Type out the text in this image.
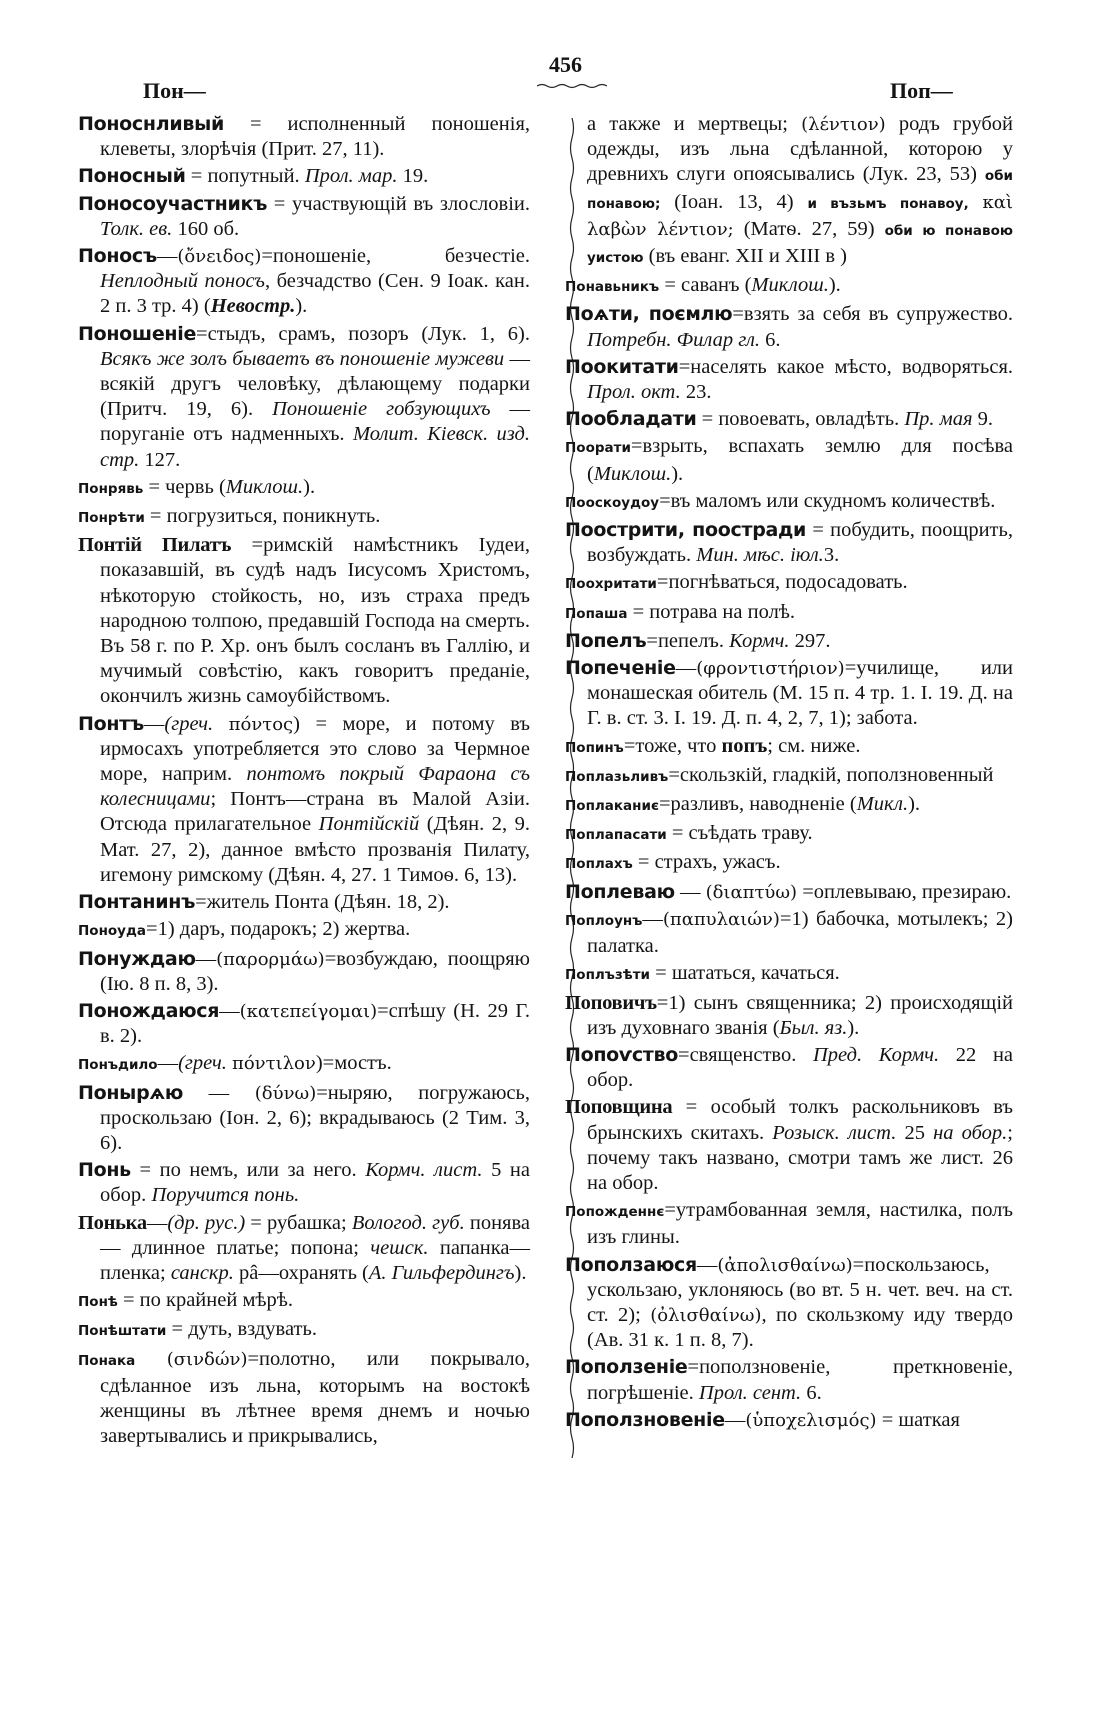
Пон—
456
Поп—

Поноснливый = исполненный поношенія, клеветы, злорѣчія (Прит. 27, 11).

Поносный = попутный. Прол. мар. 19.

Поносоучастникъ = участвующій въ злословіи. Толк. ев. 160 об.

Поносъ—(ὄνειδος)=поношеніе, безчестіе. Неплодный поносъ, безчадство (Сен. 9 Іоак. кан. 2 п. 3 тр. 4) (Невостр.).

Поношеніе=стыдъ, срамъ, позоръ (Лук. 1, 6). Всякъ же золъ бываетъ въ поношеніе мужеви — всякій другъ человѣку, дѣлающему подарки (Притч. 19, 6). Поношеніе гобзующихъ — поруганіе отъ надменныхъ. Молит. Кіевск. изд. стр. 127.

Понрявь = червь (Миклош.).

Понрѣти = погрузиться, поникнуть.

Понтій Пилатъ =римскій намѣстникъ Іудеи, показавшій, въ судѣ надъ Іисусомъ Христомъ, нѣкоторую стойкость, но, изъ страха предъ народною толпою, предавшій Господа на смерть. Въ 58 г. по Р. Хр. онъ былъ сосланъ въ Галлію, и мучимый совѣстію, какъ говоритъ преданіе, окончилъ жизнь самоубійствомъ.

Понтъ—(греч. πόντος) = море, и потому въ ирмосахъ употребляется это слово за Чермное море, наприм. понтомъ покрый Фараона съ колесницами; Понтъ—страна въ Малой Азіи. Отсюда прилагательное Понтійскій (Дѣян. 2, 9. Мат. 27, 2), данное вмѣсто прозванія Пилату, игемону римскому (Дѣян. 4, 27. 1 Тимоѳ. 6, 13).

Понтанинъ=житель Понта (Дѣян. 18, 2).

Поноуда=1) даръ, подарокъ; 2) жертва.

Понуждаю—(παρορμάω)=возбуждаю, поощряю (Ію. 8 п. 8, 3).

Понождаюся—(κατεπείγομαι)=спѣшу (Н. 29 Г. в. 2).

Понъдило—(греч. πόντιλον)=мостъ.

Понырѧю — (δύνω)=ныряю, погружаюсь, проскользаю (Іон. 2, 6); вкрадываюсь (2 Тим. 3, 6).

Понь = по немъ, или за него. Кормч. лист. 5 на обор. Поручится понь.

Понька—(др. рус.) = рубашка; Вологод. губ. понява — длинное платье; попона; чешск. папанка—пленка; санскр. pâ—охранять (А. Гильфердингъ).

Понѣ = по крайней мѣрѣ.

Понѣштати = дуть, вздувать.

Понака (σινδών)=полотно, или покрывало, сдѣланное изъ льна, которымъ на востокѣ женщины въ лѣтнее время днемъ и ночью завертывались и прикрывались,

а также и мертвецы; (λέντιον) родъ грубой одежды, изъ льна сдѣланной, которою у древнихъ слуги опоясывались (Лук. 23, 53) оби понавою; (Іоан. 13, 4) и възьмъ понавоу, καὶ λαβὼν λέντιον; (Матѳ. 27, 59) оби ю понавою уистою (въ еванг. XII и XIII в )

Понавьникъ = саванъ (Миклош.).

Поѧти, поємлю=взять за себя въ супружество. Потребн. Филар гл. 6.

Поокитати=населять какое мѣсто, водворяться. Прол. окт. 23.

Пообладати = повоевать, овладѣть. Пр. мая 9.

Поорати=взрыть, вспахать землю для посѣва (Миклош.).

Пооскоудоу=въ маломъ или скудномъ количествѣ.

Поострити, поостради = побудить, поощрить, возбуждать. Мин. мѣс. іюл.3.

Поохритати=погнѣваться, подосадовать.

Попаша = потрава на полѣ.

Попелъ=пепелъ. Кормч. 297.

Попеченіе—(φροντιστήριον)=училище, или монашеская обитель (М. 15 п. 4 тр. 1. І. 19. Д. на Г. в. ст. 3. І. 19. Д. п. 4, 2, 7, 1); забота.

Попинъ=тоже, что попъ; см. ниже.

Поплазьливъ=скользкій, гладкій, поползновенный

Поплаканиє=разливъ, наводненіе (Микл.).

Поплапасати = съѣдать траву.

Поплахъ = страхъ, ужасъ.

Поплеваю — (διαπτύω) =оплевываю, презираю.

Поплоунъ—(παπυλαιών)=1) бабочка, мотылекъ; 2) палатка.

Поплъзѣти = шататься, качаться.

Поповичъ=1) сынъ священника; 2) происходящій изъ духовнаго званія (Был. яз.).

Попоѵство=священство. Пред. Кормч. 22 на обор.

Поповщина = особый толкъ раскольниковъ въ брынскихъ скитахъ. Розыск. лист. 25 на обор.; почему такъ названо, смотри тамъ же лист. 26 на обор.

Попожденнє=утрамбованная земля, настилка, полъ изъ глины.

Поползаюся—(ἀπολισθαίνω)=поскользаюсь, ускользаю, уклоняюсь (во вт. 5 н. чет. веч. на ст. ст. 2); (ὀλισθαίνω), по скользкому иду твердо (Ав. 31 к. 1 п. 8, 7).

Поползеніе=поползновеніе, преткновеніе, погрѣшеніе. Прол. сент. 6.

Поползновеніе—(ὑποχελισμός) = шаткая
